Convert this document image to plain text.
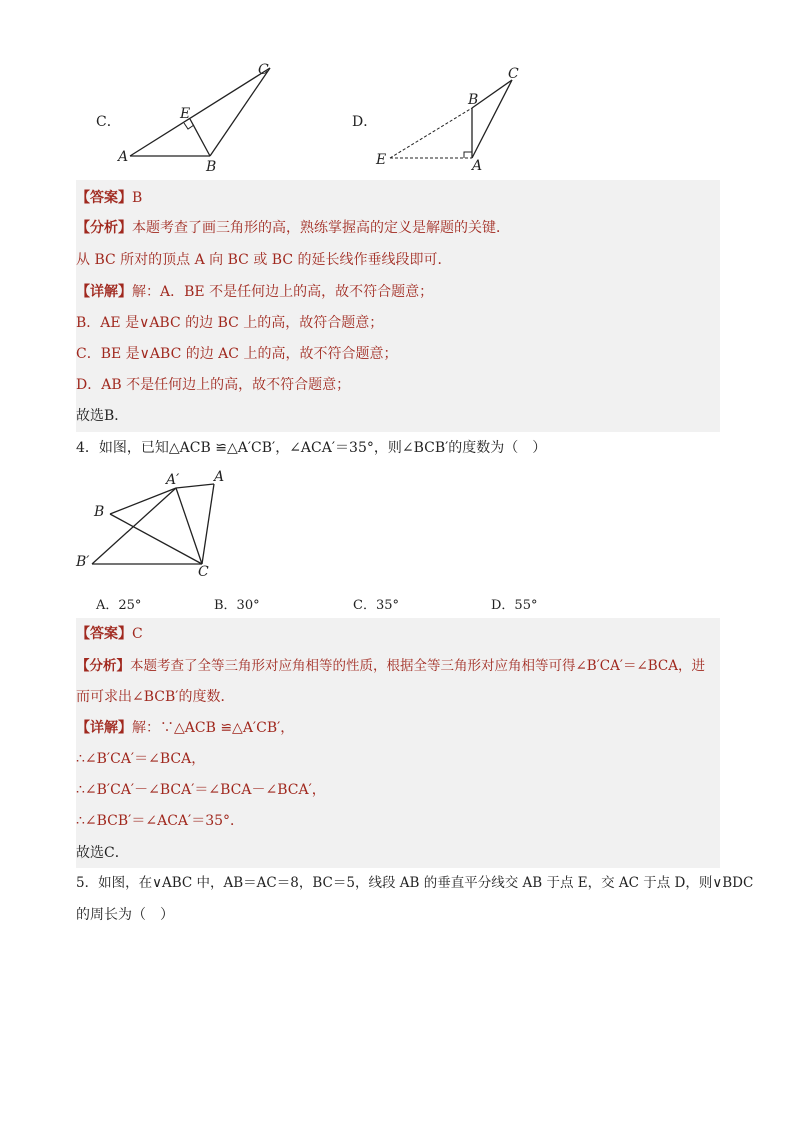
C．
A
B
C
E	D．
A
B
C
E
【答案】B
【分析】本题考查了画三角形的高，熟练掌握高的定义是解题的关键．
从 BC 所对的顶点 A 向 BC 或 BC 的延长线作垂线段即可．
【详解】解：A．BE 不是任何边上的高，故不符合题意；
B．AE 是∨ABC 的边 BC 上的高，故符合题意；
C．BE 是∨ABC 的边 AC 上的高，故不符合题意；
D．AB 不是任何边上的高，故不符合题意；
故选B．
4．如图，已知△ACB ≌△A′CB′，∠ACA′＝35°，则∠BCB′的度数为（　）
A′ A
B
B′
C
A．25°	B．30°	C．35°	D．55°
【答案】C
【分析】本题考查了全等三角形对应角相等的性质，根据全等三角形对应角相等可得∠B′CA′＝∠BCA，进
而可求出∠BCB′的度数．
【详解】解：∵△ACB ≌△A′CB′，
∴∠B′CA′＝∠BCA，
∴∠B′CA′－∠BCA′＝∠BCA－∠BCA′，
∴∠BCB′＝∠ACA′＝35°．
故选C．
5．如图，在∨ABC 中，AB＝AC＝8，BC＝5，线段 AB 的垂直平分线交 AB 于点 E，交 AC 于点 D，则∨BDC
的周长为（　）
